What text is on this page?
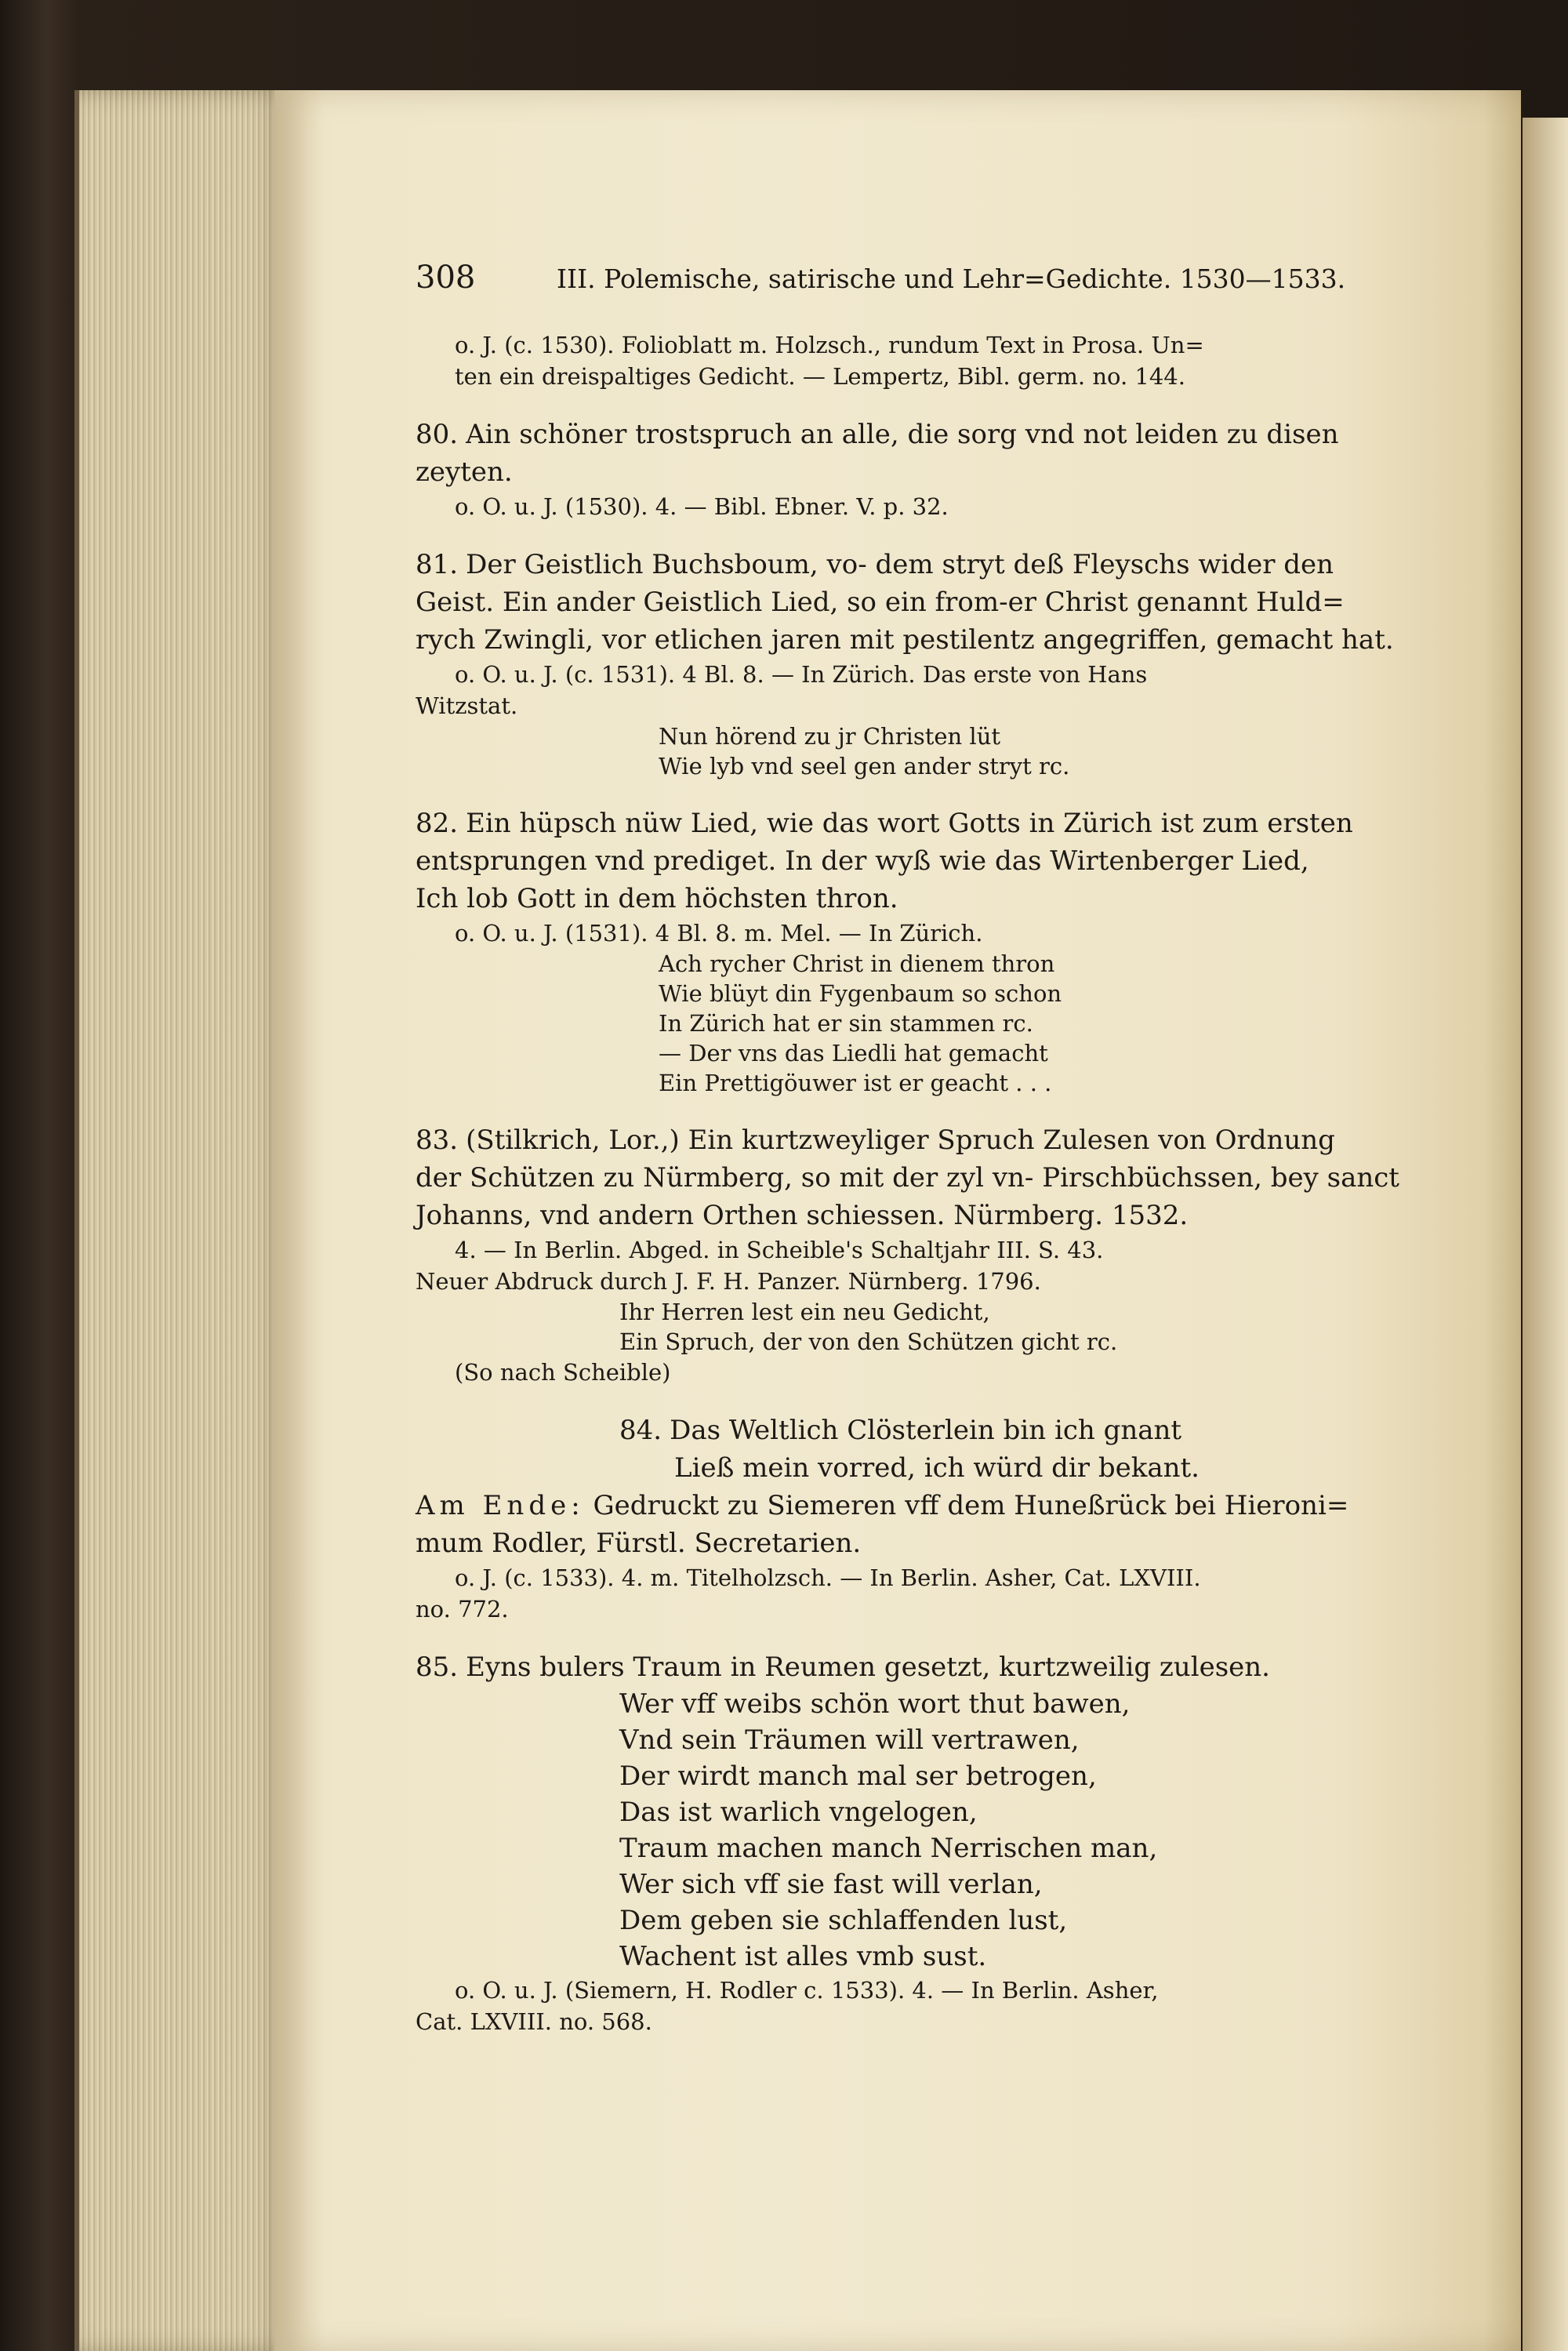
308	III. Polemische, satirische und Lehr=Gedichte. 1530—1533.
o. J. (c. 1530). Folioblatt m. Holzsch., rundum Text in Prosa. Un=
ten ein dreispaltiges Gedicht. — Lempertz, Bibl. germ. no. 144.
80. Ain schöner trostspruch an alle, die sorg vnd not leiden zu disen
zeyten.
o. O. u. J. (1530). 4. — Bibl. Ebner. V. p. 32.
81. Der Geistlich Buchsboum, vo- dem stryt deß Fleyschs wider den
Geist. Ein ander Geistlich Lied, so ein from-er Christ genannt Huld=
rych Zwingli, vor etlichen jaren mit pestilentz angegriffen, gemacht hat.
o. O. u. J. (c. 1531). 4 Bl. 8. — In Zürich. Das erste von Hans
Witzstat.
Nun hörend zu jr Christen lüt
Wie lyb vnd seel gen ander stryt rc.
82. Ein hüpsch nüw Lied, wie das wort Gotts in Zürich ist zum ersten
entsprungen vnd prediget. In der wyß wie das Wirtenberger Lied,
Ich lob Gott in dem höchsten thron.
o. O. u. J. (1531). 4 Bl. 8. m. Mel. — In Zürich.
Ach rycher Christ in dienem thron
Wie blüyt din Fygenbaum so schon
In Zürich hat er sin stammen rc.
— Der vns das Liedli hat gemacht
Ein Prettigöuwer ist er geacht . . .
83. (Stilkrich, Lor.,) Ein kurtzweyliger Spruch Zulesen von Ordnung
der Schützen zu Nürmberg, so mit der zyl vn- Pirschbüchssen, bey sanct
Johanns, vnd andern Orthen schiessen. Nürmberg. 1532.
4. — In Berlin. Abged. in Scheible's Schaltjahr III. S. 43.
Neuer Abdruck durch J. F. H. Panzer. Nürnberg. 1796.
Ihr Herren lest ein neu Gedicht,
Ein Spruch, der von den Schützen gicht rc.
(So nach Scheible)
84. Das Weltlich Clösterlein bin ich gnant
Ließ mein vorred, ich würd dir bekant.
Am Ende: Gedruckt zu Siemeren vff dem Huneßrück bei Hieroni=
mum Rodler, Fürstl. Secretarien.
o. J. (c. 1533). 4. m. Titelholzsch. — In Berlin. Asher, Cat. LXVIII.
no. 772.
85. Eyns bulers Traum in Reumen gesetzt, kurtzweilig zulesen.
Wer vff weibs schön wort thut bawen,
Vnd sein Träumen will vertrawen,
Der wirdt manch mal ser betrogen,
Das ist warlich vngelogen,
Traum machen manch Nerrischen man,
Wer sich vff sie fast will verlan,
Dem geben sie schlaffenden lust,
Wachent ist alles vmb sust.
o. O. u. J. (Siemern, H. Rodler c. 1533). 4. — In Berlin. Asher,
Cat. LXVIII. no. 568.
